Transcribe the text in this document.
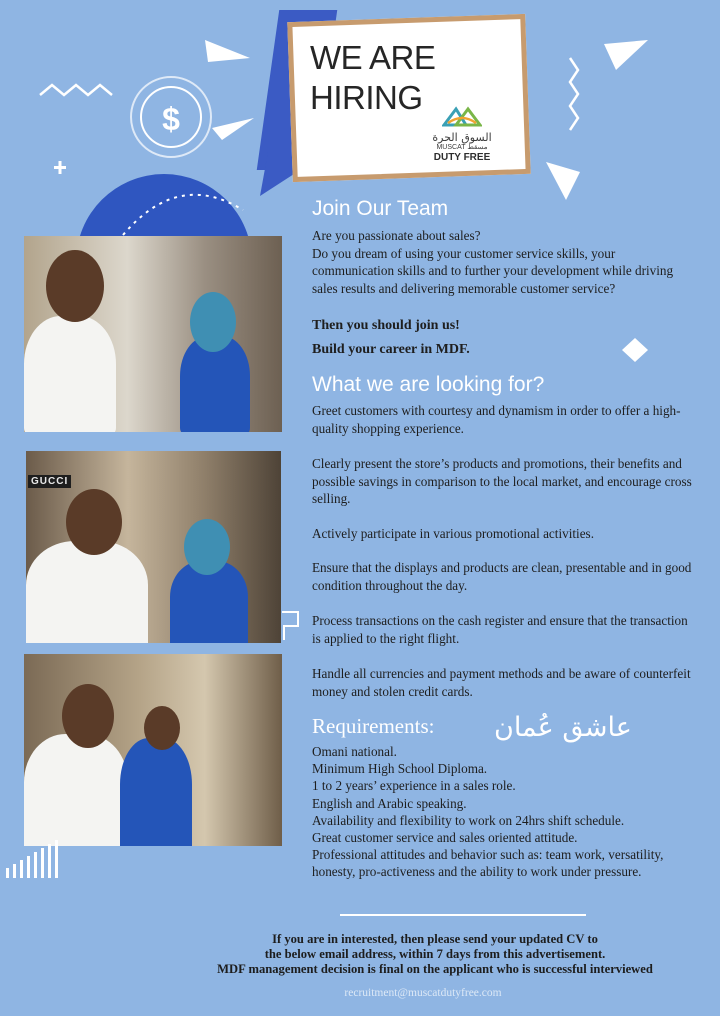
$
WE ARE
HIRING
السوق الحرة
MUSCAT مسقط
DUTY FREE
GUCCI
Join Our Team
Are you passionate about sales?
Do you dream of using your customer service skills, your communication skills and to further your development while driving sales results and delivering memorable customer service?
Then you should join us!
Build your career in MDF.
What we are looking for?
Greet customers with courtesy and dynamism in order to offer a high-quality shopping experience.
Clearly present the store’s products and promotions, their benefits and possible savings in comparison to the local market, and encourage cross selling.
Actively participate in various promotional activities.
Ensure that the displays and products are clean, presentable and in good condition throughout the day.
Process transactions on the cash register and ensure that the transaction is applied to the right flight.
Handle all currencies and payment methods and be aware of counterfeit money and stolen credit cards.
Requirements: عاشق عُمان
Omani national.
Minimum High School Diploma.
1 to 2 years’ experience in a sales role.
English and Arabic speaking.
Availability and flexibility to work on 24hrs shift schedule.
Great customer service and sales oriented attitude.
Professional attitudes and behavior such as: team work, versatility, honesty, pro-activeness and the ability to work under pressure.
If you are in interested, then please send your updated CV to
the below email address, within 7 days from this advertisement.
MDF management decision is final on the applicant who is successful interviewed
recruitment@muscatdutyfree.com
